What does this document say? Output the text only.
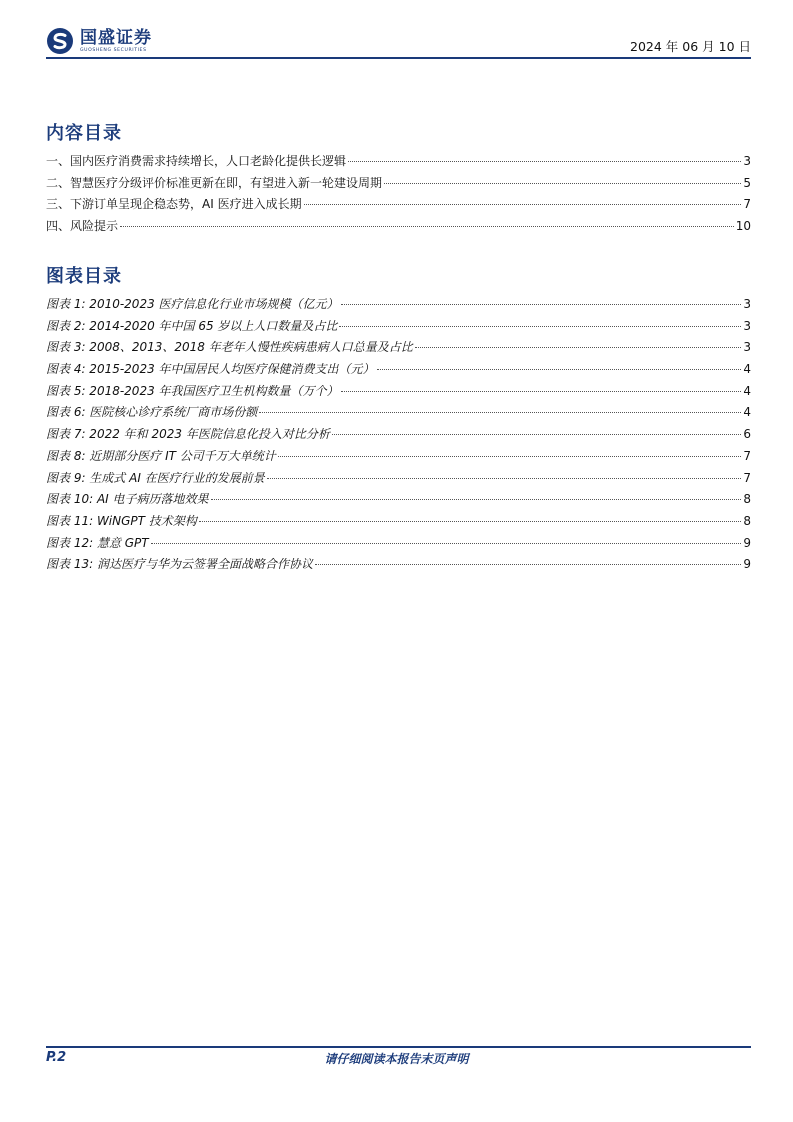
国盛证券
GUOSHENG SECURITIES	2024 年 06 月 10 日
内容目录
一、国内医疗消费需求持续增长，人口老龄化提供长逻辑	3
二、智慧医疗分级评价标准更新在即，有望进入新一轮建设周期	5
三、下游订单呈现企稳态势，AI 医疗进入成长期	7
四、风险提示	10
图表目录
图表 1: 2010-2023 医疗信息化行业市场规模（亿元）	3
图表 2: 2014-2020 年中国 65 岁以上人口数量及占比	3
图表 3: 2008、2013、2018 年老年人慢性疾病患病人口总量及占比	3
图表 4: 2015-2023 年中国居民人均医疗保健消费支出（元）	4
图表 5: 2018-2023 年我国医疗卫生机构数量（万个）	4
图表 6: 医院核心诊疗系统厂商市场份额	4
图表 7: 2022 年和 2023 年医院信息化投入对比分析	6
图表 8: 近期部分医疗 IT 公司千万大单统计	7
图表 9: 生成式 AI 在医疗行业的发展前景	7
图表 10: AI 电子病历落地效果	8
图表 11: WiNGPT 技术架构	8
图表 12: 慧意 GPT	9
图表 13: 润达医疗与华为云签署全面战略合作协议	9
P.2	请仔细阅读本报告末页声明
